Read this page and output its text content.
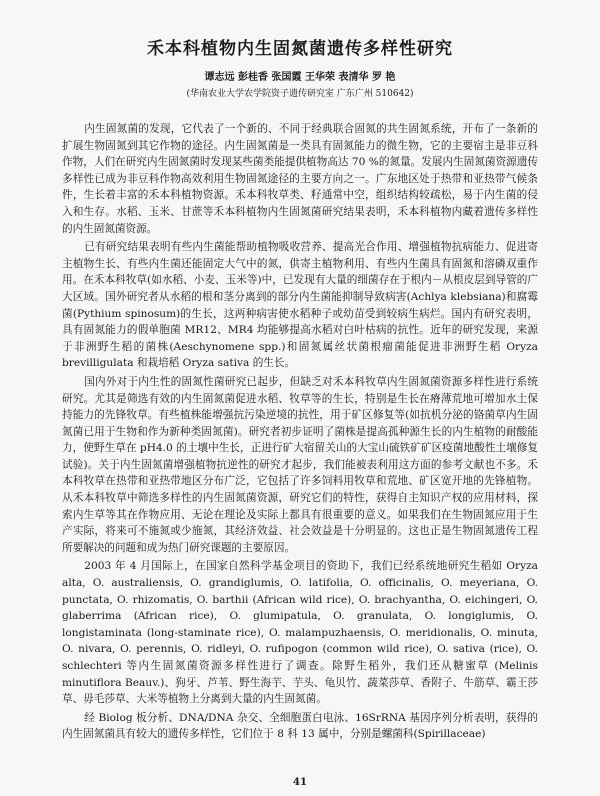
禾本科植物内生固氮菌遗传多样性研究
谭志远 彭桂香 张国霞 王华荣 表清华 罗 艳
(华南农业大学农学院资子遗传研究室 广东广州 510642)

内生固氮菌的发现，它代表了一个新的、不同于经典联合固氮的共生固氮系统，开布了一条新的扩展生物固氮到其它作物的途径。内生固氮菌是一类具有固氮能力的微生物，它的主要宿主是非豆科作物，人们在研究内生固氮菌时发现某些菌类能提供植物高达 70 %的氮量。发展内生固氮菌资源遗传多样性已成为非豆科作物高效利用生物固氮途径的主要方向之一。广东地区处于热带和亚热带气候条件，生长着丰富的禾本科植物资源。禾本科牧草类、籽通常中空，组织结构较疏松，易于内生菌的侵入和生存。水稻、玉米、甘蔗等禾本科植物内生固氮菌研究结果表明，禾本科植物内藏着遗传多样性的内生固氮菌资源。

已有研究结果表明有些内生菌能帮助植物吸收营养、提高光合作用、增强植物抗病能力、促进寄主植物生长、有些内生菌还能固定大气中的氮，供寄主植物利用、有些内生菌具有固氮和溶磷双重作用。在禾本科牧草(如水稻、小麦、玉米等)中，已发现有大量的细菌存在于根内－从根皮层到导管的广大区域。国外研究者从水稻的根和茎分离到的部分内生菌能抑制导致病害(Achlya klebsiana)和腐霉菌(Pythium spinosum)的生长，这两种病害使水稻种子或幼苗受到较病生病烂。国内有研究表明，具有固氮能力的假单胞菌 MR12、MR4 均能够提高水稻对白叶枯病的抗性。近年的研究发现，来源于非洲野生稻的菌株(Aeschynomene spp.)和固氮属丝状菌根瘤菌能促进非洲野生稻 Oryza brevilligulata 和栽培稻 Oryza sativa 的生长。

国内外对于内生性的固氮性菌研究已起步，但缺乏对禾本科牧草内生固氮菌资源多样性进行系统研究。尤其是筛选有效的内生固氮菌促进水稻、牧草等的生长，特别是生长在瘠薄荒地可增加水土保持能力的先锋牧草。有些植株能增强抗污染逆境的抗性，用于矿区修复等(如抗机分泌的铬菌草内生固氮菌已用于生物和作为新种类固氮菌)。研究者初步证明了菌株是提高孤种源生长的内生植物的耐酸能力，使野生草在 pH4.0 的土壤中生长，正进行矿大宿留关山的大宝山硫铁矿矿区疫菌地酸性土壤修复试验)。关于内生固氮菌增强植物抗逆性的研究才起步，我们能被表利用这方面的参考文献也不多。禾本科牧草在热带和亚热带地区分布广泛，它包括了许多饲料用牧草和荒地、矿区宽开地的先锋植物。从禾本科牧草中筛选多样性的内生固氮菌资源，研究它们的特性，获得自主知识产权的应用材料，探索内生草等其在作物应用、无论在理论及实际上都具有很重要的意义。如果我们在生物固氮应用于生产实际，将来可不施氮或少施氮，其经济效益、社会效益是十分明显的。这也正是生物固氮遗传工程所要解决的问题和成为热门研究课题的主要原因。

2003 年 4 月国际上，在国家自然科学基金项目的资助下，我们已经系统地研究生稻如 Oryza alta, O. australiensis, O. grandiglumis, O. latifolia, O. officinalis, O. meyeriana, O. punctata, O. rhizomatis, O. barthii (African wild rice), O. brachyantha, O. eichingeri, O. glaberrima (African rice), O. glumipatula, O. granulata, O. longiglumis, O. longistaminata (long-staminate rice), O. malampuzhaensis, O. meridionalis, O. minuta, O. nivara, O. perennis, O. ridleyi, O. rufipogon (common wild rice), O. sativa (rice), O. schlechteri 等内生固氮菌资源多样性进行了调查。除野生稻外，我们还从糖蜜草 (Melinis minutiflora Beauv.)、狗牙、芦苇、野生海芋、芋头、龟贝竹、蔬菜莎草、香附子、牛筋草、霸王莎草、毋毛莎草、大米等植物上分离到大量的内生固氮菌。

经 Biolog 板分析、DNA/DNA 杂交、全细胞蛋白电泳、16SrRNA 基因序列分析表明，获得的内生固氮菌具有较大的遗传多样性，它们位于 8 科 13 属中，分别是螺菌科(Spirillaceae)

41
